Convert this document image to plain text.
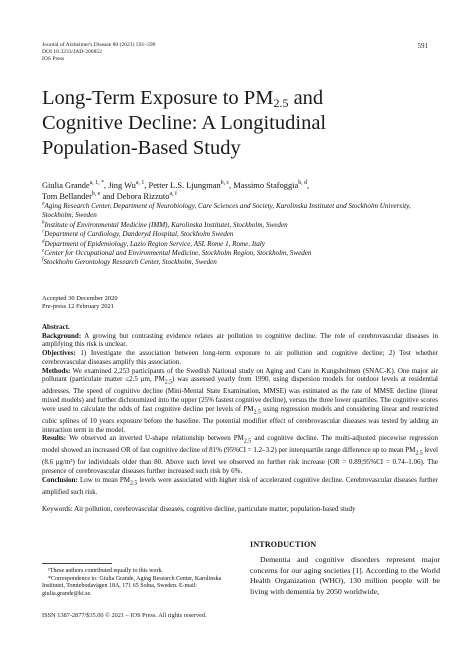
Journal of Alzheimer's Disease 80 (2021) 591–599
DOI 10.3233/JAD-200852
IOS Press
591
Long-Term Exposure to $PM_{2.5}$ and
Cognitive Decline: A Longitudinal
Population-Based Study
Giulia Grande$^{a, 1, *}$, Jing Wu$^{a, 1}$, Petter L.S. Ljungman$^{b, c}$, Massimo Stafoggia$^{b, d}$,
Tom Bellander$^{b, e}$ and Debora Rizzuto$^{a, f}$
$^a$Aging Research Center, Department of Neurobiology, Care Sciences and Society, Karolinska Institutet and Stockholm University, Stockholm, Sweden
$^b$Institute of Environmental Medicine (IMM), Karolinska Institutet, Stockholm, Sweden
$^c$Department of Cardiology, Danderyd Hospital, Stockholm Sweden
$^d$Department of Epidemiology, Lazio Region Service, ASL Rome 1, Rome, Italy
$^e$Center for Occupational and Environmental Medicine, Stockholm Region, Stockholm, Sweden
$^f$Stockholm Gerontology Research Center, Stockholm, Sweden
Accepted 30 December 2020
Pre-press 12 February 2021

Abstract.

Background: A growing but contrasting evidence relates air pollution to cognitive decline. The role of cerebrovascular diseases in amplifying this risk is unclear.

Objectives: 1) Investigate the association between long-term exposure to air pollution and cognitive decline; 2) Test whether cerebrovascular diseases amplify this association.

Methods: We examined 2,253 participants of the Swedish National study on Aging and Care in Kungsholmen (SNAC-K). One major air pollutant (particulate matter ≤2.5 μm, $PM_{2.5}$) was assessed yearly from 1990, using dispersion models for outdoor levels at residential addresses. The speed of cognitive decline (Mini-Mental State Examination, MMSE) was estimated as the rate of MMSE decline (linear mixed models) and further dichotomized into the upper (25% fastest cognitive decline), versus the three lower quartiles. The cognitive scores were used to calculate the odds of fast cognitive decline per levels of $PM_{2.5}$ using regression models and considering linear and restricted cubic splines of 10 years exposure before the baseline. The potential modifier effect of cerebrovascular diseases was tested by adding an interaction term in the model.

Results: We observed an inverted U-shape relationship between $PM_{2.5}$ and cognitive decline. The multi-adjusted piecewise regression model showed an increased OR of fast cognitive decline of 81% (95%CI = 1.2–3.2) per interquartile range difference up to mean $PM_{2.5}$ level (8.6 μg/m³) for individuals older than 80. Above such level we observed no further risk increase (OR = 0.89;95%CI = 0.74–1.06). The presence of cerebrovascular diseases further increased such risk by 6%.

Conclusion: Low to mean $PM_{2.5}$ levels were associated with higher risk of accelerated cognitive decline. Cerebrovascular diseases further amplified such risk.

Keywords: Air pollution, cerebrovascular diseases, cognitive decline, particulate matter, population-based study
INTRODUCTION
Dementia and cognitive disorders represent major concerns for our aging societies [1]. According to the World Health Organization (WHO), 130 million people will be living with dementia by 2050 worldwide,
¹These authors contributed equally to this work.
*Correspondence to: Giulia Grande, Aging Research Center, Karolinska Institutet, Tomtebodavägen 18A, 171 65 Solna, Sweden. E-mail: giulia.grande@ki.se.
ISSN 1387-2877/$35.00 © 2021 – IOS Press. All rights reserved.
